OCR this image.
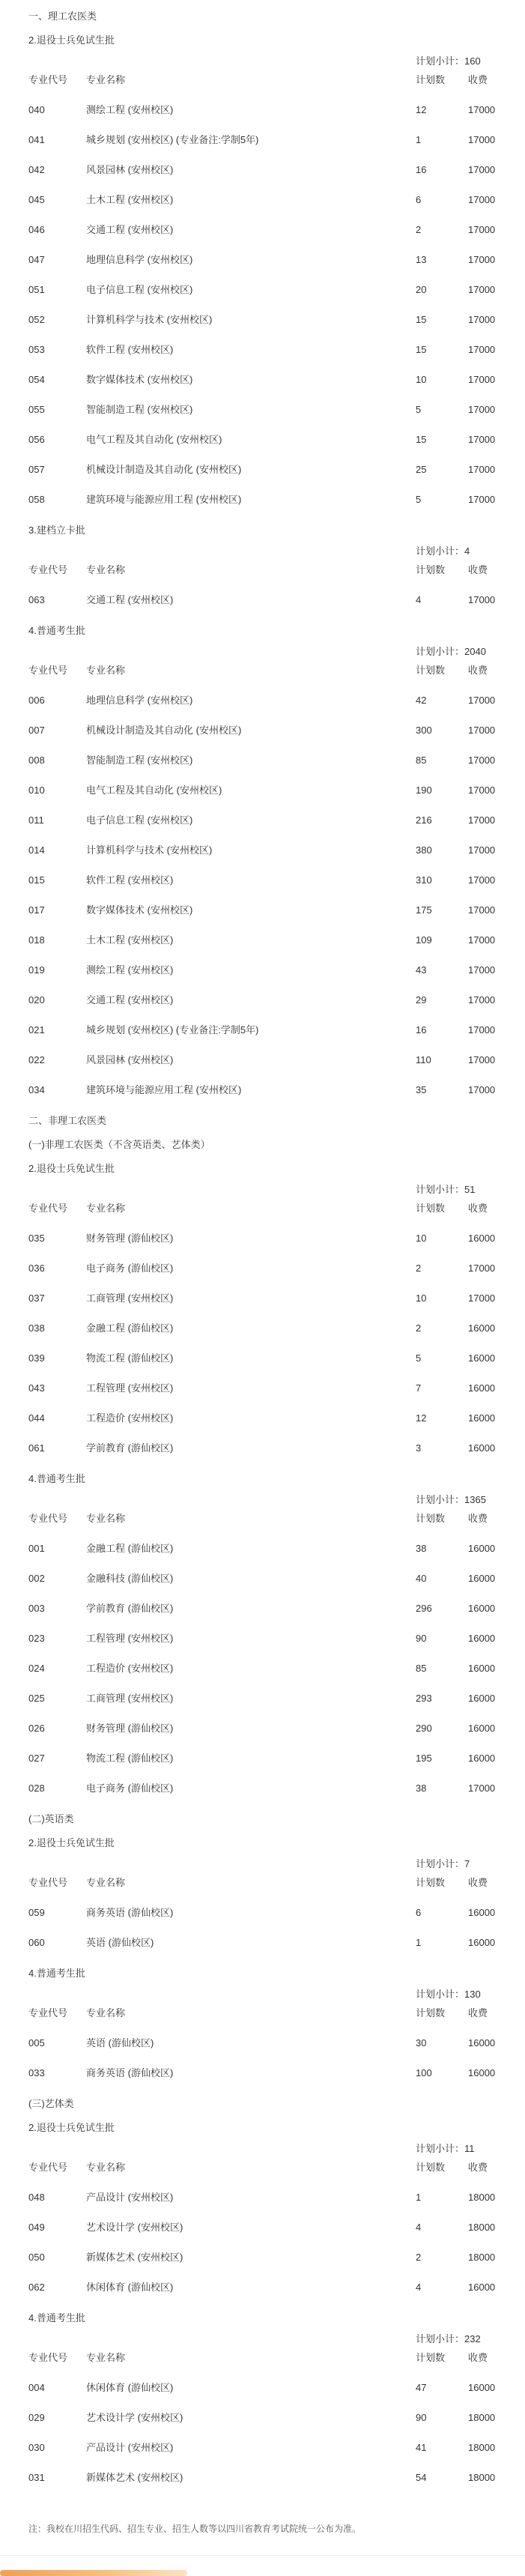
一、理工农医类
2.退役士兵免试生批
计划小计：160
专业代号 专业名称	计划数 收费
040	测绘工程 (安州校区)	12	17000
041	城乡规划 (安州校区) (专业备注:学制5年)	1	17000
042	风景园林 (安州校区)	16	17000
045	土木工程 (安州校区)	6	17000
046	交通工程 (安州校区)	2	17000
047	地理信息科学 (安州校区)	13	17000
051	电子信息工程 (安州校区)	20	17000
052	计算机科学与技术 (安州校区)	15	17000
053	软件工程 (安州校区)	15	17000
054	数字媒体技术 (安州校区)	10	17000
055	智能制造工程 (安州校区)	5	17000
056	电气工程及其自动化 (安州校区)	15	17000
057	机械设计制造及其自动化 (安州校区)	25	17000
058	建筑环境与能源应用工程 (安州校区)	5	17000
3.建档立卡批
计划小计：4
专业代号 专业名称	计划数 收费
063	交通工程 (安州校区)	4	17000
4.普通考生批
计划小计：2040
专业代号 专业名称	计划数 收费
006	地理信息科学 (安州校区)	42	17000
007	机械设计制造及其自动化 (安州校区)	300	17000
008	智能制造工程 (安州校区)	85	17000
010	电气工程及其自动化 (安州校区)	190	17000
011	电子信息工程 (安州校区)	216	17000
014	计算机科学与技术 (安州校区)	380	17000
015	软件工程 (安州校区)	310	17000
017	数字媒体技术 (安州校区)	175	17000
018	土木工程 (安州校区)	109	17000
019	测绘工程 (安州校区)	43	17000
020	交通工程 (安州校区)	29	17000
021	城乡规划 (安州校区) (专业备注:学制5年)	16	17000
022	风景园林 (安州校区)	110	17000
034	建筑环境与能源应用工程 (安州校区)	35	17000
二、非理工农医类
(一)非理工农医类（不含英语类、艺体类）
2.退役士兵免试生批
计划小计：51
专业代号 专业名称	计划数 收费
035	财务管理 (游仙校区)	10	16000
036	电子商务 (游仙校区)	2	17000
037	工商管理 (安州校区)	10	17000
038	金融工程 (游仙校区)	2	16000
039	物流工程 (游仙校区)	5	16000
043	工程管理 (安州校区)	7	16000
044	工程造价 (安州校区)	12	16000
061	学前教育 (游仙校区)	3	16000
4.普通考生批
计划小计：1365
专业代号 专业名称	计划数 收费
001	金融工程 (游仙校区)	38	16000
002	金融科技 (游仙校区)	40	16000
003	学前教育 (游仙校区)	296	16000
023	工程管理 (安州校区)	90	16000
024	工程造价 (安州校区)	85	16000
025	工商管理 (安州校区)	293	16000
026	财务管理 (游仙校区)	290	16000
027	物流工程 (游仙校区)	195	16000
028	电子商务 (游仙校区)	38	17000
(二)英语类
2.退役士兵免试生批
计划小计：7
专业代号 专业名称	计划数 收费
059	商务英语 (游仙校区)	6	16000
060	英语 (游仙校区)	1	16000
4.普通考生批
计划小计：130
专业代号 专业名称	计划数 收费
005	英语 (游仙校区)	30	16000
033	商务英语 (游仙校区)	100	16000
(三)艺体类
2.退役士兵免试生批
计划小计：11
专业代号 专业名称	计划数 收费
048	产品设计 (安州校区)	1	18000
049	艺术设计学 (安州校区)	4	18000
050	新媒体艺术 (安州校区)	2	18000
062	休闲体育 (游仙校区)	4	16000
4.普通考生批
计划小计：232
专业代号 专业名称	计划数 收费
004	休闲体育 (游仙校区)	47	16000
029	艺术设计学 (安州校区)	90	18000
030	产品设计 (安州校区)	41	18000
031	新媒体艺术 (安州校区)	54	18000
注：我校在川招生代码、招生专业、招生人数等以四川省教育考试院统一公布为准。
